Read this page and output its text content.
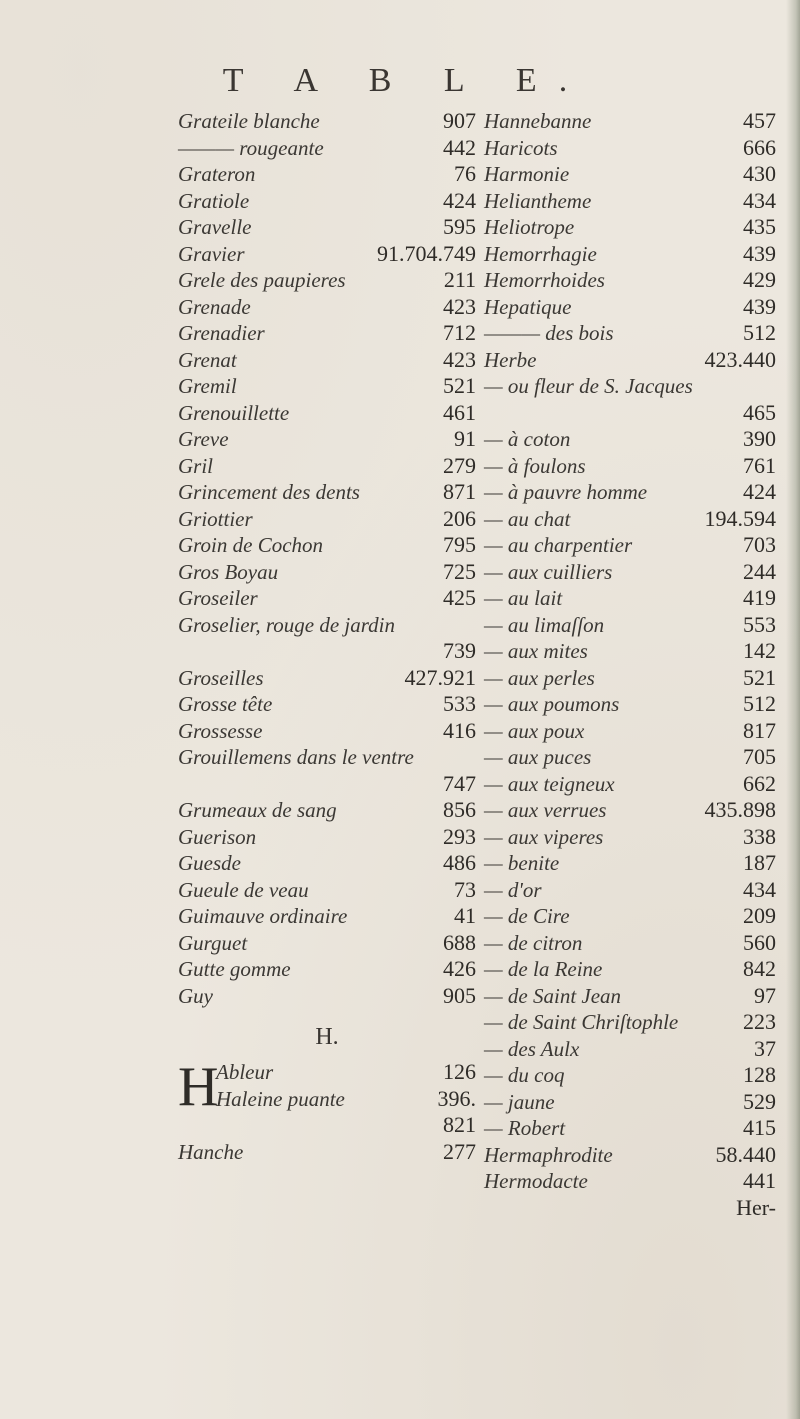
T A B L E.
Grateile blanche	907
——— rougeante	442
Grateron	76
Gratiole	424
Gravelle	595
Gravier	91.704.749
Grele des paupieres	211
Grenade	423
Grenadier	712
Grenat	423
Gremil	521
Grenouillette	461
Greve	91
Gril	279
Grincement des dents	871
Griottier	206
Groin de Cochon	795
Gros Boyau	725
Groseiler	425
Groselier, rouge de jardin
739
Groseilles	427.921
Grosse tête	533
Grossesse	416
Grouillemens dans le ventre
747
Grumeaux de sang	856
Guerison	293
Guesde	486
Gueule de veau	73
Guimauve ordinaire	41
Gurguet	688
Gutte gomme	426
Guy	905
H.
H
Ableur	126
Haleine puante	396.
821
Hanche	277
Hannebanne	457
Haricots	666
Harmonie	430
Heliantheme	434
Heliotrope	435
Hemorrhagie	439
Hemorrhoides	429
Hepatique	439
——— des bois	512
Herbe	423.440
— ou fleur de S. Jacques
465
— à coton	390
— à foulons	761
— à pauvre homme	424
— au chat	194.594
— au charpentier	703
— aux cuilliers	244
— au lait	419
— au limaſſon	553
— aux mites	142
— aux perles	521
— aux poumons	512
— aux poux	817
— aux puces	705
— aux teigneux	662
— aux verrues	435.898
— aux viperes	338
— benite	187
— d'or	434
— de Cire	209
— de citron	560
— de la Reine	842
— de Saint Jean	97
— de Saint Chriſtophle	223
— des Aulx	37
— du coq	128
— jaune	529
— Robert	415
Hermaphrodite	58.440
Hermodacte	441
Her-
